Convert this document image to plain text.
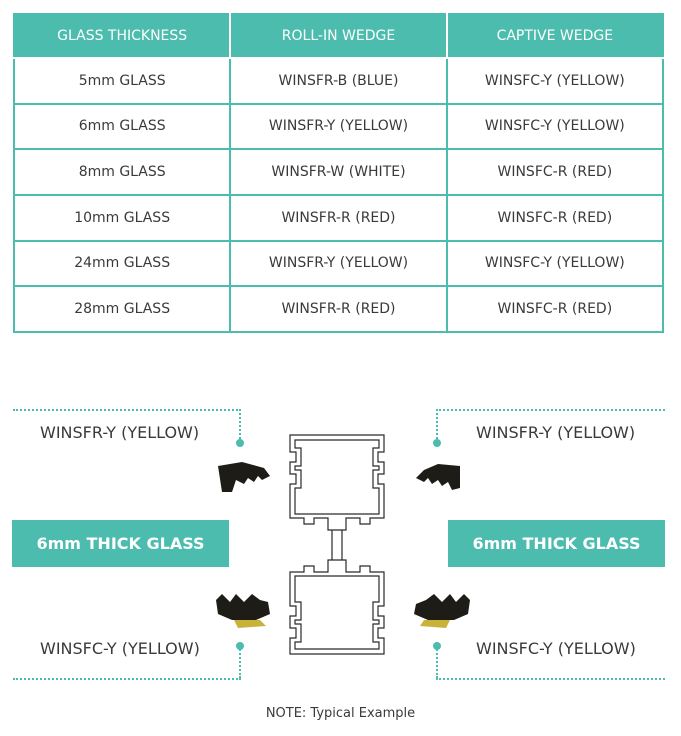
GLASS THICKNESS	ROLL-IN WEDGE	CAPTIVE WEDGE
5mm GLASS	WINSFR-B (BLUE)	WINSFC-Y (YELLOW)
6mm GLASS	WINSFR-Y (YELLOW)	WINSFC-Y (YELLOW)
8mm GLASS	WINSFR-W (WHITE)	WINSFC-R (RED)
10mm GLASS	WINSFR-R (RED)	WINSFC-R (RED)
24mm GLASS	WINSFR-Y (YELLOW)	WINSFC-Y (YELLOW)
28mm GLASS	WINSFR-R (RED)	WINSFC-R (RED)
WINSFR-Y (YELLOW)
WINSFC-Y (YELLOW)
WINSFR-Y (YELLOW)
WINSFC-Y (YELLOW)
6mm THICK GLASS	6mm THICK GLASS
NOTE: Typical Example
